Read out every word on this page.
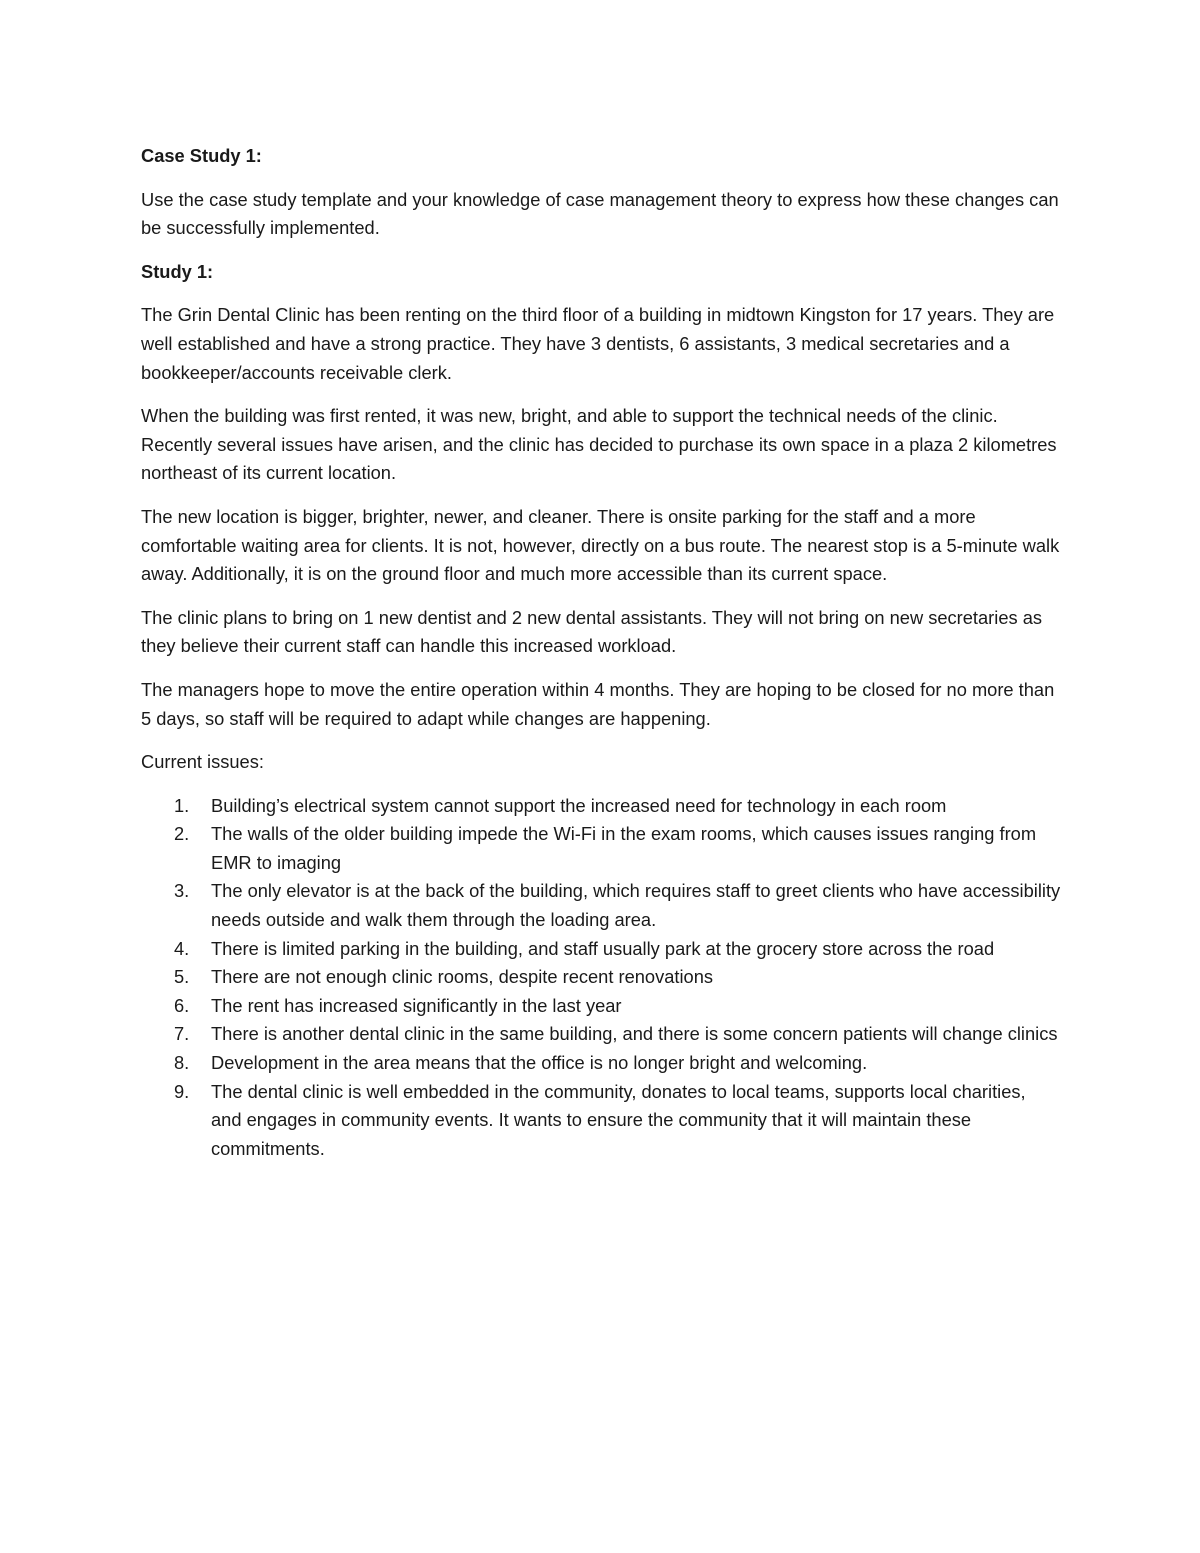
Case Study 1:

Use the case study template and your knowledge of case management theory to express how these changes can be successfully implemented.

Study 1:

The Grin Dental Clinic has been renting on the third floor of a building in midtown Kingston for 17 years. They are well established and have a strong practice. They have 3 dentists, 6 assistants, 3 medical secretaries and a bookkeeper/accounts receivable clerk.

When the building was first rented, it was new, bright, and able to support the technical needs of the clinic. Recently several issues have arisen, and the clinic has decided to purchase its own space in a plaza 2 kilometres northeast of its current location.

The new location is bigger, brighter, newer, and cleaner. There is onsite parking for the staff and a more comfortable waiting area for clients. It is not, however, directly on a bus route. The nearest stop is a 5-minute walk away. Additionally, it is on the ground floor and much more accessible than its current space.

The clinic plans to bring on 1 new dentist and 2 new dental assistants. They will not bring on new secretaries as they believe their current staff can handle this increased workload.

The managers hope to move the entire operation within 4 months. They are hoping to be closed for no more than 5 days, so staff will be required to adapt while changes are happening.

Current issues:

1. Building’s electrical system cannot support the increased need for technology in each room
2. The walls of the older building impede the Wi-Fi in the exam rooms, which causes issues ranging from EMR to imaging
3. The only elevator is at the back of the building, which requires staff to greet clients who have accessibility needs outside and walk them through the loading area.
4. There is limited parking in the building, and staff usually park at the grocery store across the road
5. There are not enough clinic rooms, despite recent renovations
6. The rent has increased significantly in the last year
7. There is another dental clinic in the same building, and there is some concern patients will change clinics
8. Development in the area means that the office is no longer bright and welcoming.
9. The dental clinic is well embedded in the community, donates to local teams, supports local charities, and engages in community events. It wants to ensure the community that it will maintain these commitments.
